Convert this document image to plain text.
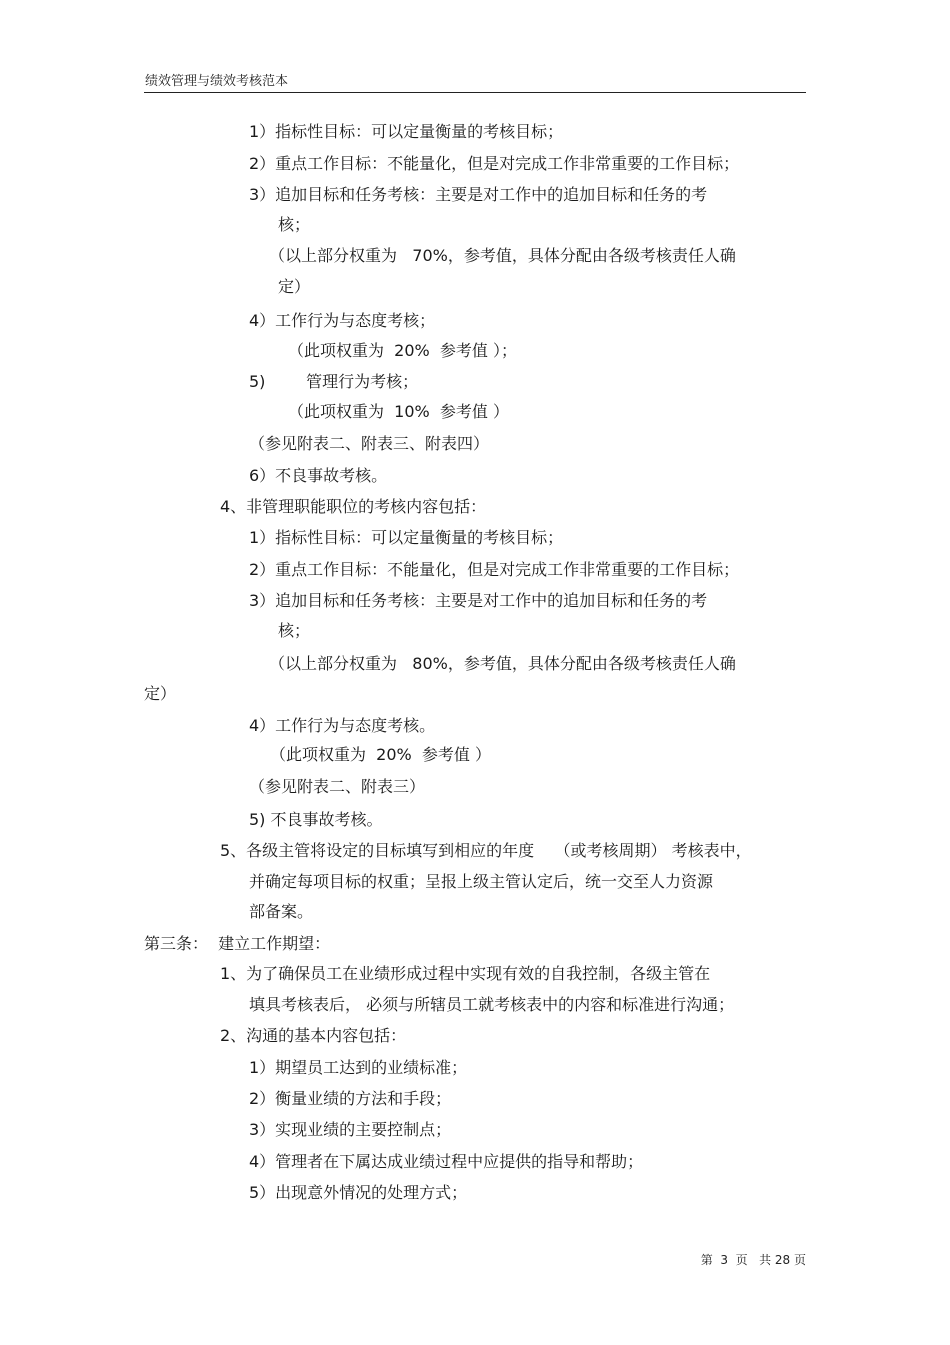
绩效管理与绩效考核范本
1）指标性目标：可以定量衡量的考核目标；
2）重点工作目标：不能量化，但是对完成工作非常重要的工作目标；
3）追加目标和任务考核：主要是对工作中的追加目标和任务的考
核；
（以上部分权重为   70%，参考值，具体分配由各级考核责任人确
定）
4）工作行为与态度考核；
（此项权重为  20%  参考值 ）；
5)        管理行为考核；
（此项权重为  10%  参考值 ）
（参见附表二、附表三、附表四）
6）不良事故考核。
4、非管理职能职位的考核内容包括：
1）指标性目标：可以定量衡量的考核目标；
2）重点工作目标：不能量化，但是对完成工作非常重要的工作目标；
3）追加目标和任务考核：主要是对工作中的追加目标和任务的考
核；
（以上部分权重为   80%，参考值，具体分配由各级考核责任人确
定）
4）工作行为与态度考核。
（此项权重为  20%  参考值 ）
（参见附表二、附表三）
5) 不良事故考核。
5、各级主管将设定的目标填写到相应的年度    （或考核周期） 考核表中，
并确定每项目标的权重；呈报上级主管认定后，统一交至人力资源
部备案。
第三条：  建立工作期望：
1、为了确保员工在业绩形成过程中实现有效的自我控制，各级主管在
填具考核表后， 必须与所辖员工就考核表中的内容和标准进行沟通；
2、沟通的基本内容包括：
1）期望员工达到的业绩标准；
2）衡量业绩的方法和手段；
3）实现业绩的主要控制点；
4）管理者在下属达成业绩过程中应提供的指导和帮助；
5）出现意外情况的处理方式；
第  3  页   共 28 页
